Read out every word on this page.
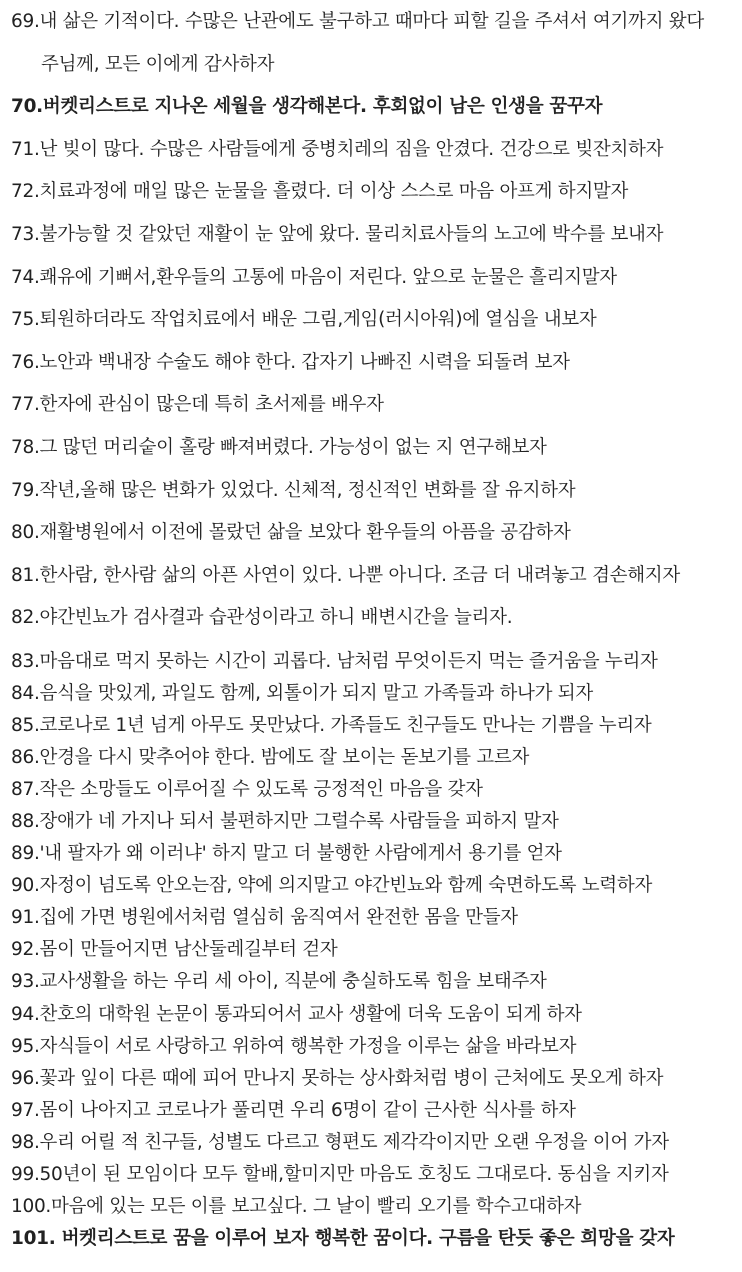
69.내 삶은 기적이다. 수많은 난관에도 불구하고 때마다 피할 길을 주셔서 여기까지 왔다
주님께, 모든 이에게 감사하자
70.버켓리스트로 지나온 세월을 생각해본다. 후회없이 남은 인생을 꿈꾸자
71.난 빚이 많다. 수많은 사람들에게 중병치레의 짐을 안겼다. 건강으로 빚잔치하자
72.치료과정에 매일 많은 눈물을 흘렸다. 더 이상 스스로 마음 아프게 하지말자
73.불가능할 것 같았던 재활이 눈 앞에 왔다. 물리치료사들의 노고에 박수를 보내자
74.쾌유에 기뻐서,환우들의 고통에 마음이 저린다. 앞으로 눈물은 흘리지말자
75.퇴원하더라도 작업치료에서 배운 그림,게임(러시아워)에 열심을 내보자
76.노안과 백내장 수술도 해야 한다. 갑자기 나빠진 시력을 되돌려 보자
77.한자에 관심이 많은데 특히 초서제를 배우자
78.그 많던 머리숱이 홀랑 빠져버렸다. 가능성이 없는 지 연구해보자
79.작년,올해 많은 변화가 있었다. 신체적, 정신적인 변화를 잘 유지하자
80.재활병원에서 이전에 몰랐던 삶을 보았다 환우들의 아픔을 공감하자
81.한사람, 한사람 삶의 아픈 사연이 있다. 나뿐 아니다. 조금 더 내려놓고 겸손해지자
82.야간빈뇨가 검사결과 습관성이라고 하니 배변시간을 늘리자.
83.마음대로 먹지 못하는 시간이 괴롭다. 남처럼 무엇이든지 먹는 즐거움을 누리자
84.음식을 맛있게, 과일도 함께, 외톨이가 되지 말고 가족들과 하나가 되자
85.코로나로 1년 넘게 아무도 못만났다. 가족들도 친구들도 만나는 기쁨을 누리자
86.안경을 다시 맞추어야 한다. 밤에도 잘 보이는 돋보기를 고르자
87.작은 소망들도 이루어질 수 있도록 긍정적인 마음을 갖자
88.장애가 네 가지나 되서 불편하지만 그럴수록 사람들을 피하지 말자
89.'내 팔자가 왜 이러냐' 하지 말고 더 불행한 사람에게서 용기를 얻자
90.자정이 넘도록 안오는잠, 약에 의지말고 야간빈뇨와 함께 숙면하도록 노력하자
91.집에 가면 병원에서처럼 열심히 움직여서 완전한 몸을 만들자
92.몸이 만들어지면 남산둘레길부터 걷자
93.교사생활을 하는 우리 세 아이, 직분에 충실하도록 힘을 보태주자
94.찬호의 대학원 논문이 통과되어서 교사 생활에 더욱 도움이 되게 하자
95.자식들이 서로 사랑하고 위하여 행복한 가정을 이루는 삶을 바라보자
96.꽃과 잎이 다른 때에 피어 만나지 못하는 상사화처럼 병이 근처에도 못오게 하자
97.몸이 나아지고 코로나가 풀리면 우리 6명이 같이 근사한 식사를 하자
98.우리 어릴 적 친구들, 성별도 다르고 형편도 제각각이지만 오랜 우정을 이어 가자
99.50년이 된 모임이다 모두 할배,할미지만 마음도 호칭도 그대로다. 동심을 지키자
100.마음에 있는 모든 이를 보고싶다. 그 날이 빨리 오기를 학수고대하자
101. 버켓리스트로 꿈을 이루어 보자 행복한 꿈이다. 구름을 탄듯 좋은 희망을 갖자
